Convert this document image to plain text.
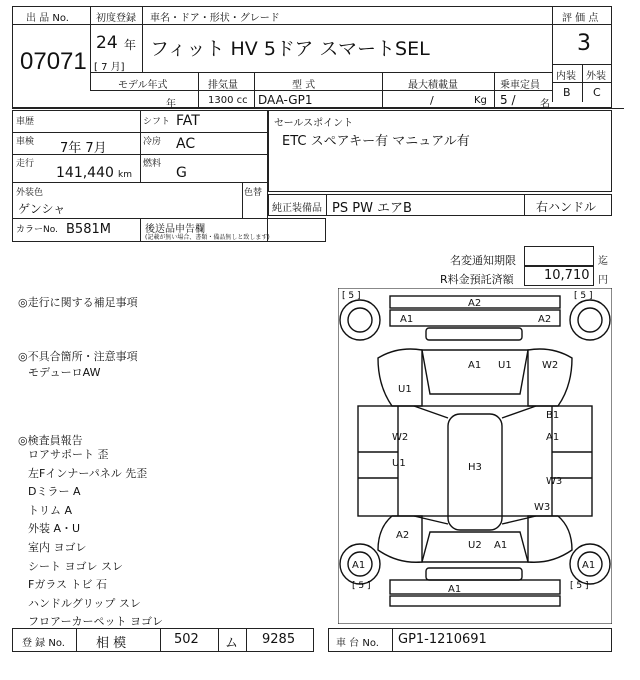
出 品 No.
07071
初度登録 車名・ドア・形状・グレード
24 年
[ 7 月]
フィット HV 5ドア スマートSEL
評 価 点
3
内装 外装
B C
モデル年式	排気量	型 式	最大積載量	乗車定員
年	1300 cc DAA-GP1	/	Kg 5 / 名
車歴	シフト FAT
車検 7年 7月	冷房 AC
走行
141,440 km
燃料
G
外装色
ゲンシャ
色替
カラーNo. B581M
セールスポイント
ETC スペアキー有 マニュアル有
純正装備品 PS PW エアB	右ハンドル
後送品申告欄
(記載が無い場合、書類・備品無しと致します)
名変通知期限	迄
R料金預託済額 10,710 円
◎走行に関する補足事項
◎不具合箇所・注意事項
モデューロAW
◎検査員報告
ロアサポート 歪
左Fインナーパネル 先歪
Dミラー A
トリム A
外装 A・U
室内 ヨゴレ
シート ヨゴレ スレ
Fガラス トビ 石
ハンドルグリップ スレ
フロアーカーペット ヨゴレ
[ 5 ]	[ 5 ]
[ 5 ]	[ 5 ]
A2
A1	A2
A1 U1	W2
U1
B1
W2	A1
U1	H3
W3
W3
A2
U2 A1
A1	A1
A1
登 録 No. 相 模	502 ム 9285	車 台 No. GP1-1210691
